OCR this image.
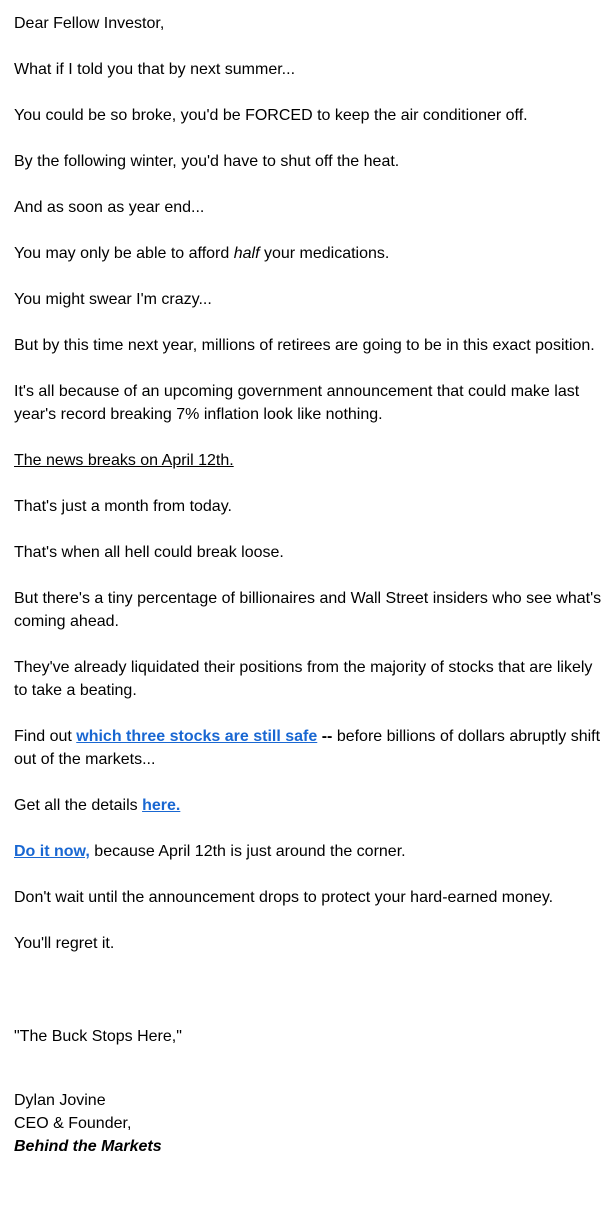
Dear Fellow Investor,

What if I told you that by next summer...

You could be so broke, you'd be FORCED to keep the air conditioner off.

By the following winter, you'd have to shut off the heat.

And as soon as year end...

You may only be able to afford half your medications.

You might swear I'm crazy...

But by this time next year, millions of retirees are going to be in this exact position.

It's all because of an upcoming government announcement that could make last year's record breaking 7% inflation look like nothing.

The news breaks on April 12th.

That's just a month from today.

That's when all hell could break loose.

But there's a tiny percentage of billionaires and Wall Street insiders who see what's coming ahead.

They've already liquidated their positions from the majority of stocks that are likely to take a beating.

Find out which three stocks are still safe -- before billions of dollars abruptly shift out of the markets...

Get all the details here.

Do it now, because April 12th is just around the corner.

Don't wait until the announcement drops to protect your hard-earned money.

You'll regret it.

"The Buck Stops Here,"

Dylan Jovine
CEO & Founder,
Behind the Markets
